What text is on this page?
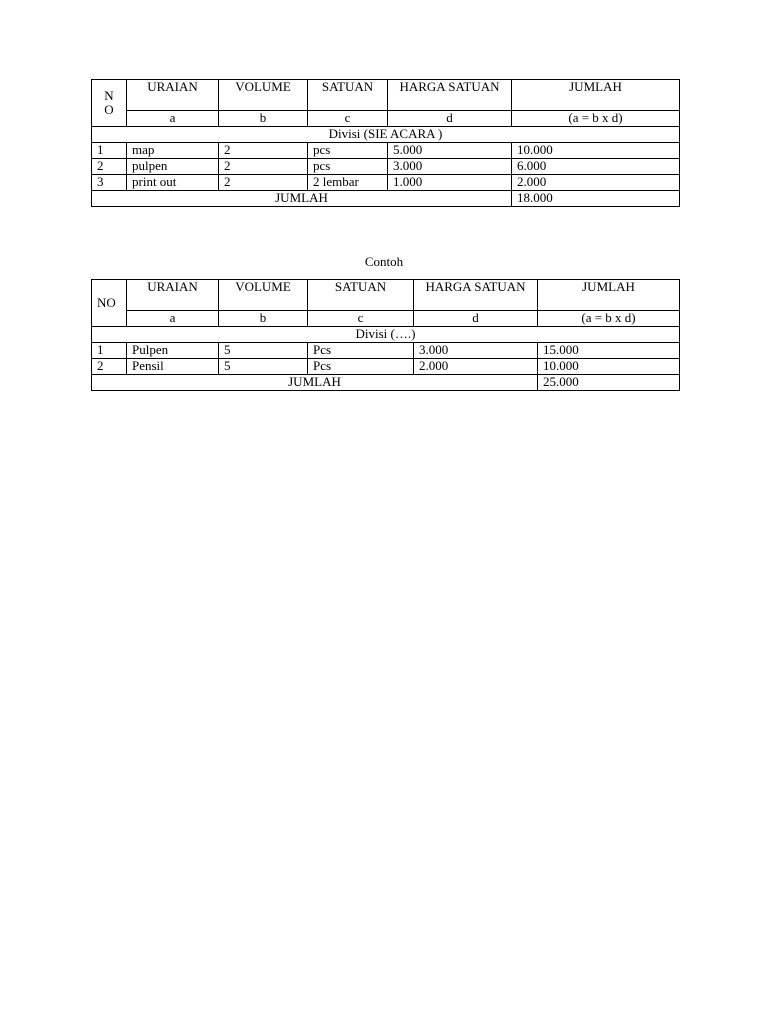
N O	URAIAN	VOLUME	SATUAN	HARGA SATUAN	JUMLAH
	a	b	c	d	(a = b x d)
Divisi (SIE ACARA )					
1	map	2	pcs	5.000	10.000
2	pulpen	2	pcs	3.000	6.000
3	print out	2	2 lembar	1.000	2.000
JUMLAH					18.000
Contoh
NO	URAIAN	VOLUME	SATUAN	HARGA SATUAN	JUMLAH
	a	b	c	d	(a = b x d)
Divisi (….)					
1	Pulpen	5	Pcs	3.000	15.000
2	Pensil	5	Pcs	2.000	10.000
JUMLAH					25.000
